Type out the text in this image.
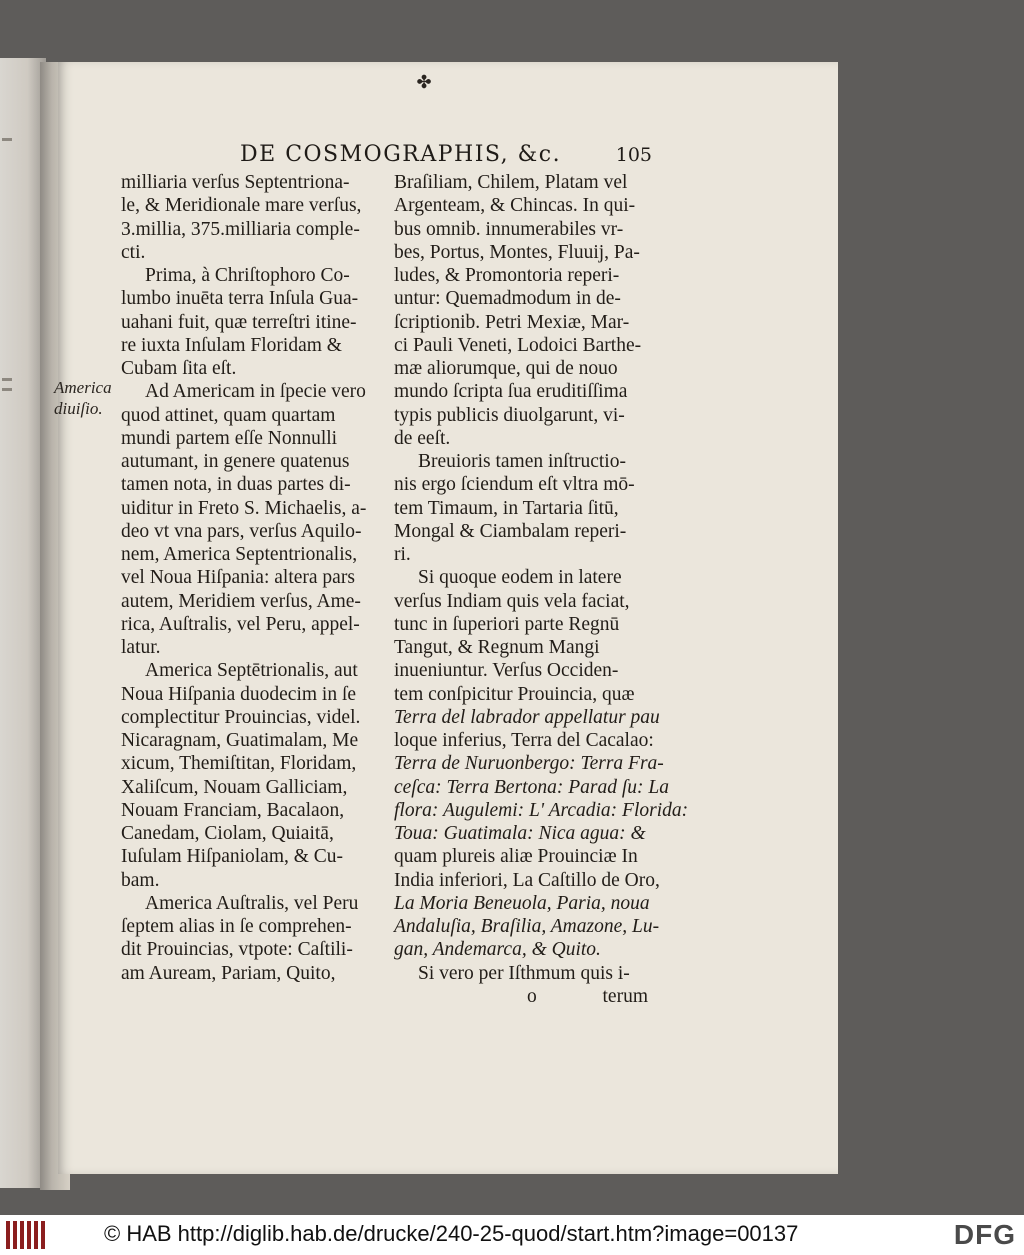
✤
DE COSMOGRAPHIS, &c.	105
America
diuiſio.
milliaria verſus Septentriona-
le, & Meridionale mare verſus,
3.millia, 375.milliaria comple-
cti.
Prima, à Chriſtophoro Co-
lumbo inuēta terra Inſula Gua-
uahani fuit, quæ terreſtri itine-
re iuxta Inſulam Floridam &
Cubam ſita eſt.
Ad Americam in ſpecie vero
quod attinet, quam quartam
mundi partem eſſe Nonnulli
autumant, in genere quatenus
tamen nota, in duas partes di-
uiditur in Freto S. Michaelis, a-
deo vt vna pars, verſus Aquilo-
nem, America Septentrionalis,
vel Noua Hiſpania: altera pars
autem, Meridiem verſus, Ame-
rica, Auſtralis, vel Peru, appel-
latur.
America Septētrionalis, aut
Noua Hiſpania duodecim in ſe
complectitur Prouincias, videl.
Nicaragnam, Guatimalam, Me
xicum, Themiſtitan, Floridam,
Xaliſcum, Nouam Galliciam,
Nouam Franciam, Bacalaon,
Canedam, Ciolam, Quiaitā,
Iuſulam Hiſpaniolam, & Cu-
bam.
America Auſtralis, vel Peru
ſeptem alias in ſe comprehen-
dit Prouincias, vtpote: Caſtili-
am Auream, Pariam, Quito,
Braſiliam, Chilem, Platam vel
Argenteam, & Chincas. In qui-
bus omnib. innumerabiles vr-
bes, Portus, Montes, Fluuij, Pa-
ludes, & Promontoria reperi-
untur: Quemadmodum in de-
ſcriptionib. Petri Mexiæ, Mar-
ci Pauli Veneti, Lodoici Barthe-
mæ aliorumque, qui de nouo
mundo ſcripta ſua eruditiſſima
typis publicis diuolgarunt, vi-
de eeſt.
Breuioris tamen inſtructio-
nis ergo ſciendum eſt vltra mō-
tem Timaum, in Tartaria ſitū,
Mongal & Ciambalam reperi-
ri.
Si quoque eodem in latere
verſus Indiam quis vela faciat,
tunc in ſuperiori parte Regnū
Tangut, & Regnum Mangi
inueniuntur. Verſus Occiden-
tem conſpicitur Prouincia, quæ
Terra del labrador appellatur pau
loque inferius, Terra del Cacalao:
Terra de Nuruonbergo: Terra Fra-
ceſca: Terra Bertona: Parad ſu: La
flora: Augulemi: L' Arcadia: Florida:
Toua: Guatimala: Nica agua: &
quam plureis aliæ Prouinciæ In
India inferiori, La Caſtillo de Oro,
La Moria Beneuola, Paria, noua
Andaluſia, Braſilia, Amazone, Lu-
gan, Andemarca, & Quito.
Si vero per Iſthmum quis i-
o	terum
© HAB http://diglib.hab.de/drucke/240-25-quod/start.htm?image=00137	DFG
